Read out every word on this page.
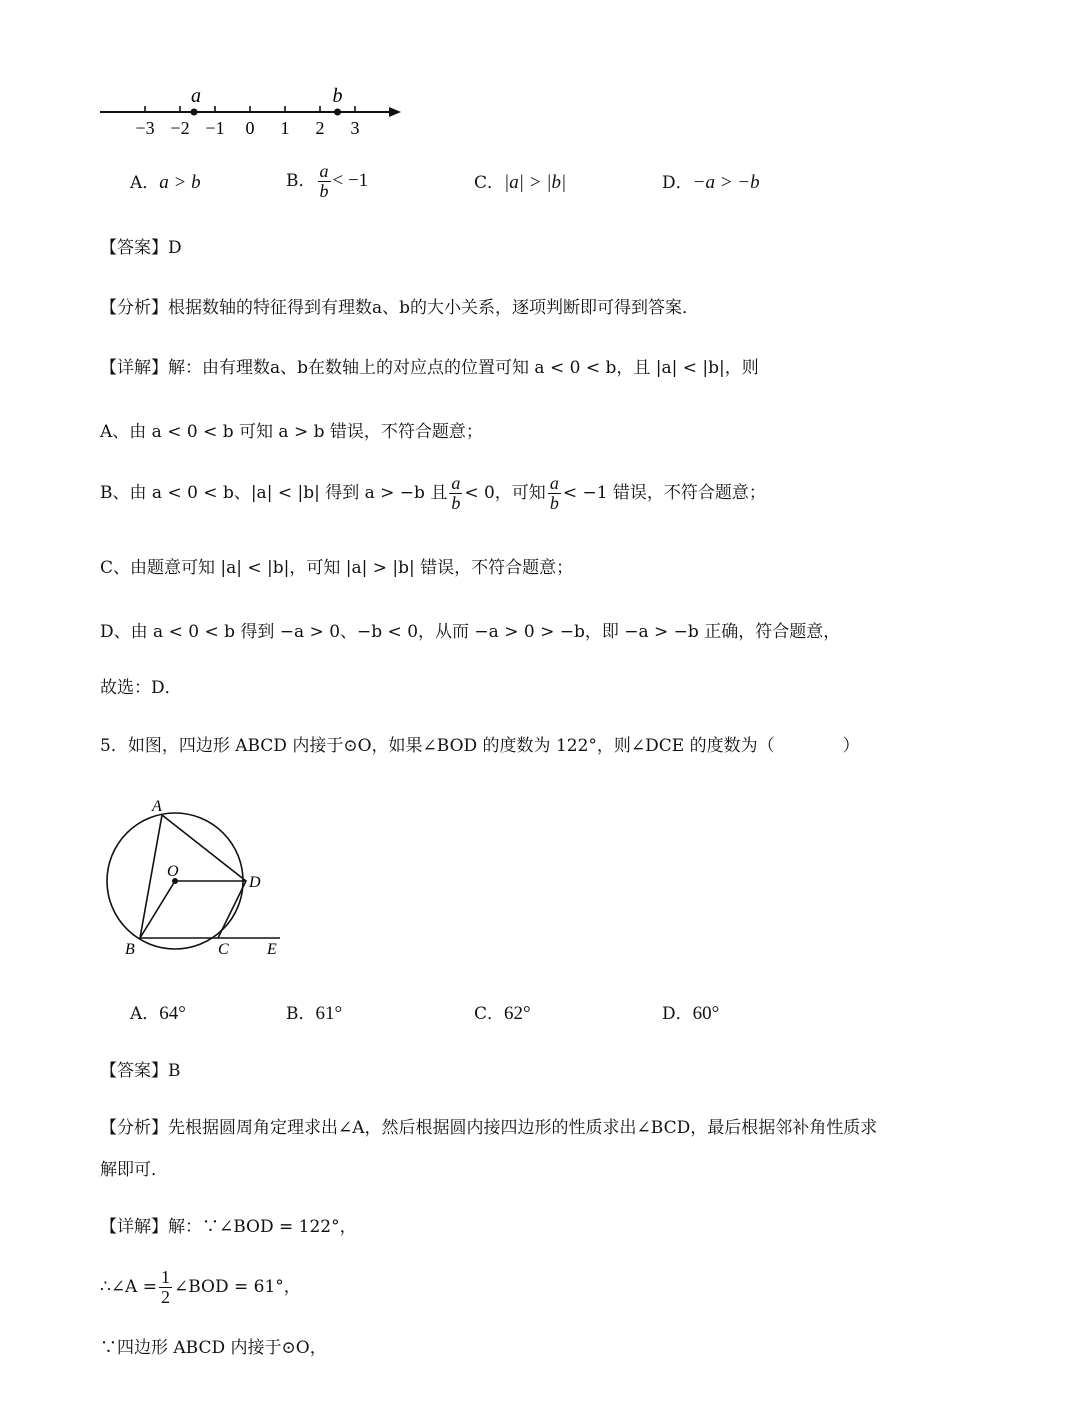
−3 −2 −1 0 1 2 3
a	b
A．a > b	B． $\frac{a}{b} < -1$	C．|a| > |b|	D．−a > −b
【答案】D
【分析】根据数轴的特征得到有理数a、b的大小关系，逐项判断即可得到答案．
【详解】解：由有理数a、b在数轴上的对应点的位置可知 a < 0 < b，且 |a| < |b|，则
A、由 a < 0 < b 可知 a > b 错误，不符合题意；
B、由 a < 0 < b、|a| < |b| 得到 a > −b 且 $\frac{a}{b} < 0$，可知 $\frac{a}{b} < -1$ 错误，不符合题意；
C、由题意可知 |a| < |b|，可知 |a| > |b| 错误，不符合题意；
D、由 a < 0 < b 得到 −a > 0、−b < 0，从而 −a > 0 > −b，即 −a > −b 正确，符合题意，
故选：D．
5．如图，四边形 ABCD 内接于⊙O，如果∠BOD 的度数为 122°，则∠DCE 的度数为（　　　　）
A
O
D
B	C E
A．64°	B．61°	C．62°	D．60°
【答案】B
【分析】先根据圆周角定理求出∠A，然后根据圆内接四边形的性质求出∠BCD，最后根据邻补角性质求
解即可．
【详解】解：∵∠BOD = 122°，
∴∠A = $\frac{1}{2}$ ∠BOD = 61°，
∵四边形 ABCD 内接于⊙O，
